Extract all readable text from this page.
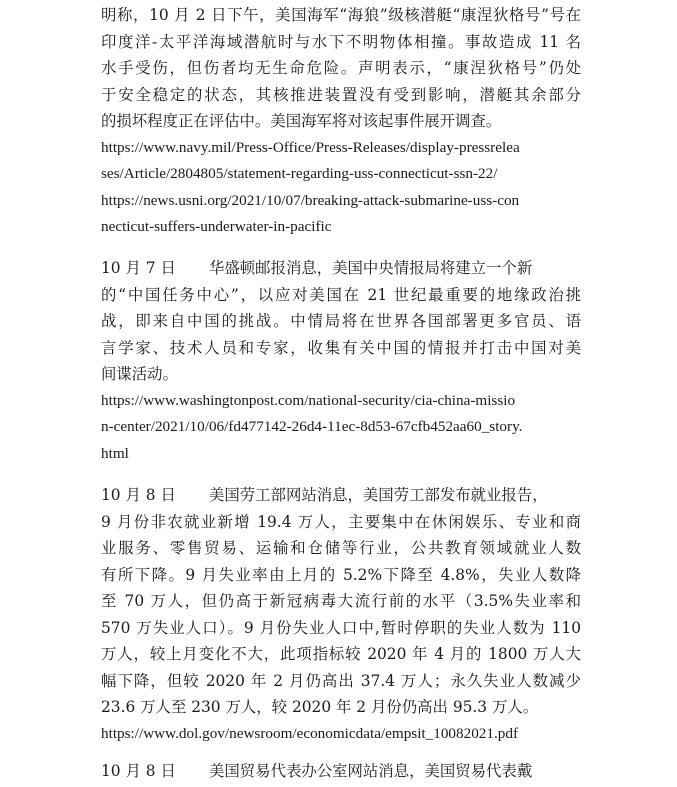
明称，10 月 2 日下午，美国海军“海狼”级核潜艇“康涅狄格号”号在
印度洋-太平洋海域潜航时与水下不明物体相撞。事故造成 11 名
水手受伤，但伤者均无生命危险。声明表示，“康涅狄格号”仍处
于安全稳定的状态，其核推进装置没有受到影响，潜艇其余部分
的损坏程度正在评估中。美国海军将对该起事件展开调查。
https://www.navy.mil/Press-Office/Press-Releases/display-pressrelea
ses/Article/2804805/statement-regarding-uss-connecticut-ssn-22/
https://news.usni.org/2021/10/07/breaking-attack-submarine-uss-con
necticut-suffers-underwater-in-pacific
10 月 7 日 华盛顿邮报消息，美国中央情报局将建立一个新
的“中国任务中心”，以应对美国在 21 世纪最重要的地缘政治挑
战，即来自中国的挑战。中情局将在世界各国部署更多官员、语
言学家、技术人员和专家，收集有关中国的情报并打击中国对美
间谍活动。
https://www.washingtonpost.com/national-security/cia-china-missio
n-center/2021/10/06/fd477142-26d4-11ec-8d53-67cfb452aa60_story.
html
10 月 8 日 美国劳工部网站消息，美国劳工部发布就业报告，
9 月份非农就业新增 19.4 万人，主要集中在休闲娱乐、专业和商
业服务、零售贸易、运输和仓储等行业，公共教育领域就业人数
有所下降。9 月失业率由上月的 5.2%下降至 4.8%，失业人数降
至 70 万人，但仍高于新冠病毒大流行前的水平（3.5%失业率和
570 万失业人口）。9 月份失业人口中,暂时停职的失业人数为 110
万人，较上月变化不大，此项指标较 2020 年 4 月的 1800 万人大
幅下降，但较 2020 年 2 月仍高出 37.4 万人；永久失业人数减少
23.6 万人至 230 万人，较 2020 年 2 月份仍高出 95.3 万人。
https://www.dol.gov/newsroom/economicdata/empsit_10082021.pdf
10 月 8 日 美国贸易代表办公室网站消息，美国贸易代表戴
